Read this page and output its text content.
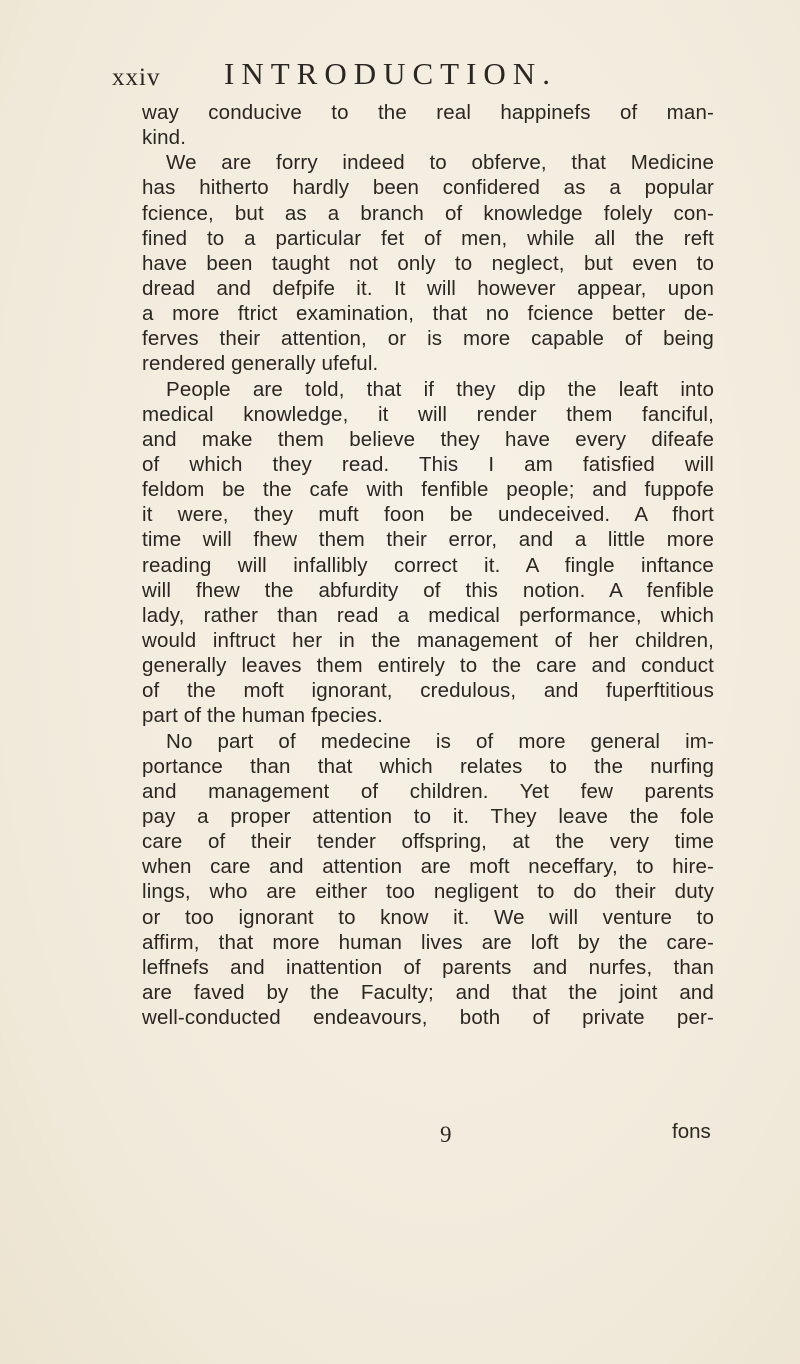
xxiv INTRODUCTION.
way conducive to the real happinefs of man-
kind.
We are forry indeed to obferve, that Medicine
has hitherto hardly been confidered as a popular
fcience, but as a branch of knowledge folely con-
fined to a particular fet of men, while all the reft
have been taught not only to neglect, but even to
dread and defpife it. It will however appear, upon
a more ftrict examination, that no fcience better de-
ferves their attention, or is more capable of being
rendered generally ufeful.
People are told, that if they dip the leaft into
medical knowledge, it will render them fanciful,
and make them believe they have every difeafe
of which they read. This I am fatisfied will
feldom be the cafe with fenfible people; and fuppofe
it were, they muft foon be undeceived. A fhort
time will fhew them their error, and a little more
reading will infallibly correct it. A fingle inftance
will fhew the abfurdity of this notion. A fenfible
lady, rather than read a medical performance, which
would inftruct her in the management of her children,
generally leaves them entirely to the care and conduct
of the moft ignorant, credulous, and fuperftitious
part of the human fpecies.
No part of medecine is of more general im-
portance than that which relates to the nurfing
and management of children. Yet few parents
pay a proper attention to it. They leave the fole
care of their tender offspring, at the very time
when care and attention are moft neceffary, to hire-
lings, who are either too negligent to do their duty
or too ignorant to know it. We will venture to
affirm, that more human lives are loft by the care-
leffnefs and inattention of parents and nurfes, than
are faved by the Faculty; and that the joint and
well-conducted endeavours, both of private per-
9	fons
